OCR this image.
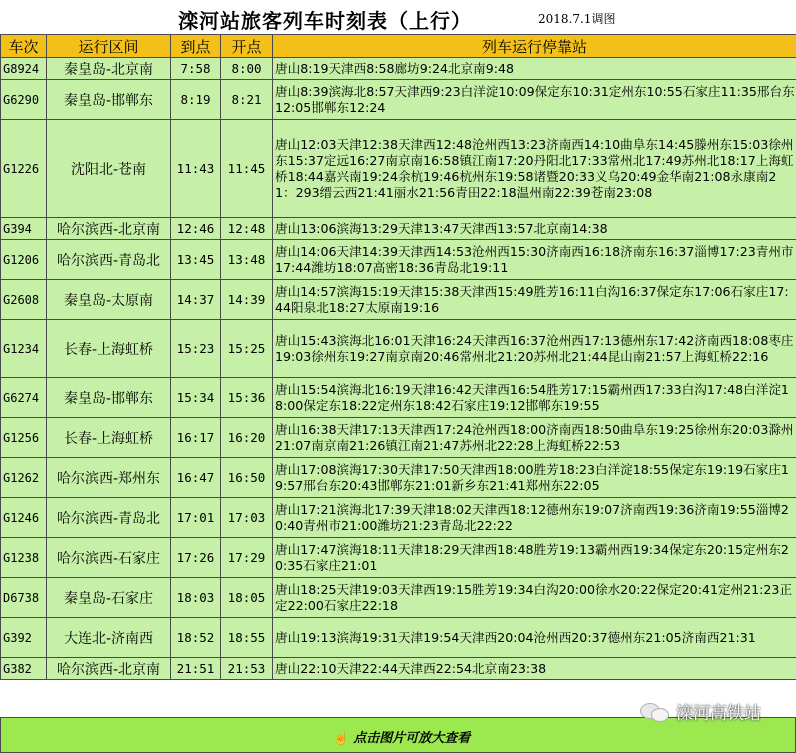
滦河站旅客列车时刻表（上行）	2018.7.1调图
车次	运行区间	到点	开点	列车运行停靠站
G8924	秦皇岛-北京南	7:58	8:00	唐山8:19天津西8:58廊坊9:24北京南9:48
G6290	秦皇岛-邯郸东	8:19	8:21	唐山8:39滨海北8:57天津西9:23白洋淀10:09保定东10:31定州东10:55石家庄11:35邢台东12:05邯郸东12:24
G1226	沈阳北-苍南	11:43	11:45	唐山12:03天津12:38天津西12:48沧州西13:23济南西14:10曲阜东14:45滕州东15:03徐州东15:37定远16:27南京南16:58镇江南17:20丹阳北17:33常州北17:49苏州北18:17上海虹桥18:44嘉兴南19:24余杭19:46杭州东19:58诸暨20:33义乌20:49金华南21:08永康南21：293缙云西21:41丽水21:56青田22:18温州南22:39苍南23:08
G394	哈尔滨西-北京南	12:46	12:48	唐山13:06滨海13:29天津13:47天津西13:57北京南14:38
G1206	哈尔滨西-青岛北	13:45	13:48	唐山14:06天津14:39天津西14:53沧州西15:30济南西16:18济南东16:37淄博17:23青州市17:44潍坊18:07高密18:36青岛北19:11
G2608	秦皇岛-太原南	14:37	14:39	唐山14:57滨海15:19天津15:38天津西15:49胜芳16:11白沟16:37保定东17:06石家庄17:44阳泉北18:27太原南19:16
G1234	长春-上海虹桥	15:23	15:25	唐山15:43滨海北16:01天津16:24天津西16:37沧州西17:13德州东17:42济南西18:08枣庄19:03徐州东19:27南京南20:46常州北21:20苏州北21:44昆山南21:57上海虹桥22:16
G6274	秦皇岛-邯郸东	15:34	15:36	唐山15:54滨海北16:19天津16:42天津西16:54胜芳17:15霸州西17:33白沟17:48白洋淀18:00保定东18:22定州东18:42石家庄19:12邯郸东19:55
G1256	长春-上海虹桥	16:17	16:20	唐山16:38天津17:13天津西17:24沧州西18:00济南西18:50曲阜东19:25徐州东20:03滁州21:07南京南21:26镇江南21:47苏州北22:28上海虹桥22:53
G1262	哈尔滨西-郑州东	16:47	16:50	唐山17:08滨海17:30天津17:50天津西18:00胜芳18:23白洋淀18:55保定东19:19石家庄19:57邢台东20:43邯郸东21:01新乡东21:41郑州东22:05
G1246	哈尔滨西-青岛北	17:01	17:03	唐山17:21滨海北17:39天津18:02天津西18:12德州东19:07济南西19:36济南19:55淄博20:40青州市21:00潍坊21:23青岛北22:22
G1238	哈尔滨西-石家庄	17:26	17:29	唐山17:47滨海18:11天津18:29天津西18:48胜芳19:13霸州西19:34保定东20:15定州东20:35石家庄21:01
D6738	秦皇岛-石家庄	18:03	18:05	唐山18:25天津19:03天津西19:15胜芳19:34白沟20:00徐水20:22保定20:41定州21:23正定22:00石家庄22:18
G392	大连北-济南西	18:52	18:55	唐山19:13滨海19:31天津19:54天津西20:04沧州西20:37德州东21:05济南西21:31
G382	哈尔滨西-北京南	21:51	21:53	唐山22:10天津22:44天津西22:54北京南23:38
☝ 点击图片可放大查看
滦河高铁站
